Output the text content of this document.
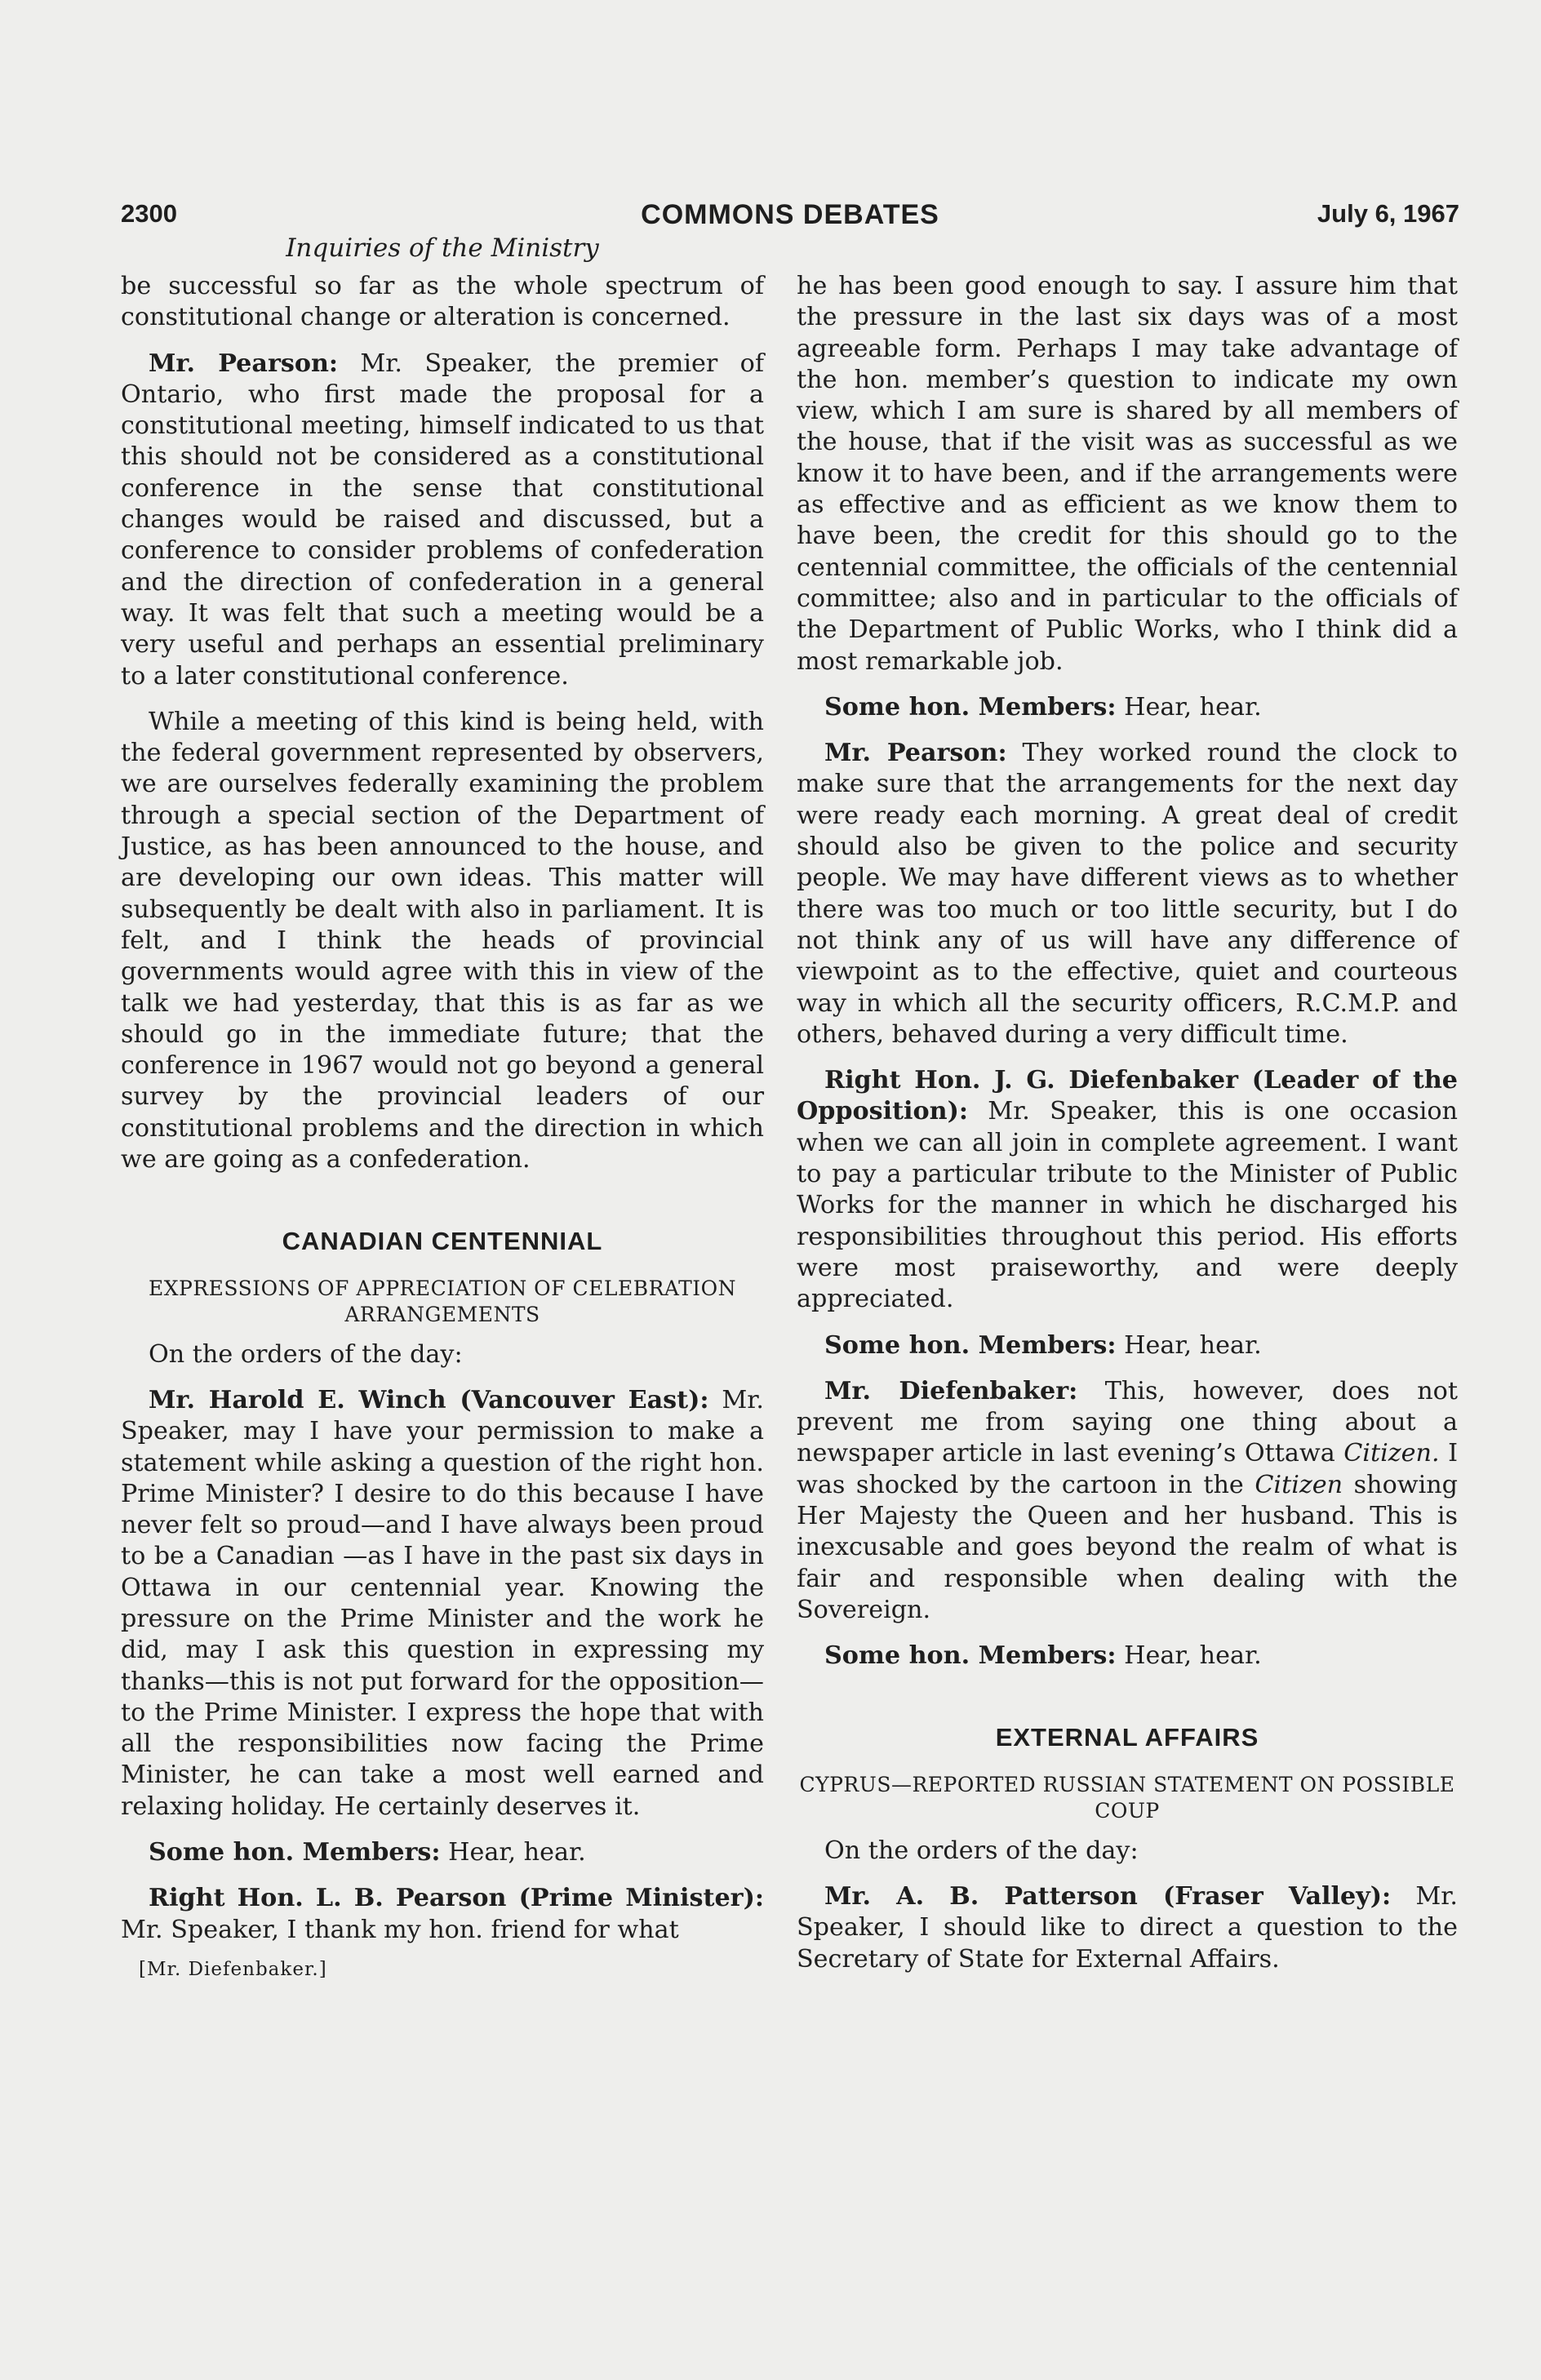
2300	COMMONS DEBATES	July 6, 1967
Inquiries of the Ministry

be successful so far as the whole spectrum of constitutional change or alteration is concerned.

Mr. Pearson: Mr. Speaker, the premier of Ontario, who first made the proposal for a constitutional meeting, himself indicated to us that this should not be considered as a constitutional conference in the sense that constitutional changes would be raised and discussed, but a conference to consider problems of confederation and the direction of confederation in a general way. It was felt that such a meeting would be a very useful and perhaps an essential preliminary to a later constitutional conference.

While a meeting of this kind is being held, with the federal government represented by observers, we are ourselves federally examining the problem through a special section of the Department of Justice, as has been announced to the house, and are developing our own ideas. This matter will subsequently be dealt with also in parliament. It is felt, and I think the heads of provincial governments would agree with this in view of the talk we had yesterday, that this is as far as we should go in the immediate future; that the conference in 1967 would not go beyond a general survey by the provincial leaders of our constitutional problems and the direction in which we are going as a confederation.

CANADIAN CENTENNIAL
EXPRESSIONS OF APPRECIATION OF CELEBRATION ARRANGEMENTS

On the orders of the day:

Mr. Harold E. Winch (Vancouver East): Mr. Speaker, may I have your permission to make a statement while asking a question of the right hon. Prime Minister? I desire to do this because I have never felt so proud—and I have always been proud to be a Canadian —as I have in the past six days in Ottawa in our centennial year. Knowing the pressure on the Prime Minister and the work he did, may I ask this question in expressing my thanks—this is not put forward for the opposition—to the Prime Minister. I express the hope that with all the responsibilities now facing the Prime Minister, he can take a most well earned and relaxing holiday. He certainly deserves it.

Some hon. Members: Hear, hear.

Right Hon. L. B. Pearson (Prime Minister): Mr. Speaker, I thank my hon. friend for what

[Mr. Diefenbaker.]

he has been good enough to say. I assure him that the pressure in the last six days was of a most agreeable form. Perhaps I may take advantage of the hon. member’s question to indicate my own view, which I am sure is shared by all members of the house, that if the visit was as successful as we know it to have been, and if the arrangements were as effective and as efficient as we know them to have been, the credit for this should go to the centennial committee, the officials of the centennial committee; also and in particular to the officials of the Department of Public Works, who I think did a most remarkable job.

Some hon. Members: Hear, hear.

Mr. Pearson: They worked round the clock to make sure that the arrangements for the next day were ready each morning. A great deal of credit should also be given to the police and security people. We may have different views as to whether there was too much or too little security, but I do not think any of us will have any difference of viewpoint as to the effective, quiet and courteous way in which all the security officers, R.C.M.P. and others, behaved during a very difficult time.

Right Hon. J. G. Diefenbaker (Leader of the Opposition): Mr. Speaker, this is one occasion when we can all join in complete agreement. I want to pay a particular tribute to the Minister of Public Works for the manner in which he discharged his responsibilities throughout this period. His efforts were most praiseworthy, and were deeply appreciated.

Some hon. Members: Hear, hear.

Mr. Diefenbaker: This, however, does not prevent me from saying one thing about a newspaper article in last evening’s Ottawa Citizen. I was shocked by the cartoon in the Citizen showing Her Majesty the Queen and her husband. This is inexcusable and goes beyond the realm of what is fair and responsible when dealing with the Sovereign.

Some hon. Members: Hear, hear.

EXTERNAL AFFAIRS
CYPRUS—REPORTED RUSSIAN STATEMENT ON POSSIBLE COUP

On the orders of the day:

Mr. A. B. Patterson (Fraser Valley): Mr. Speaker, I should like to direct a question to the Secretary of State for External Affairs.
